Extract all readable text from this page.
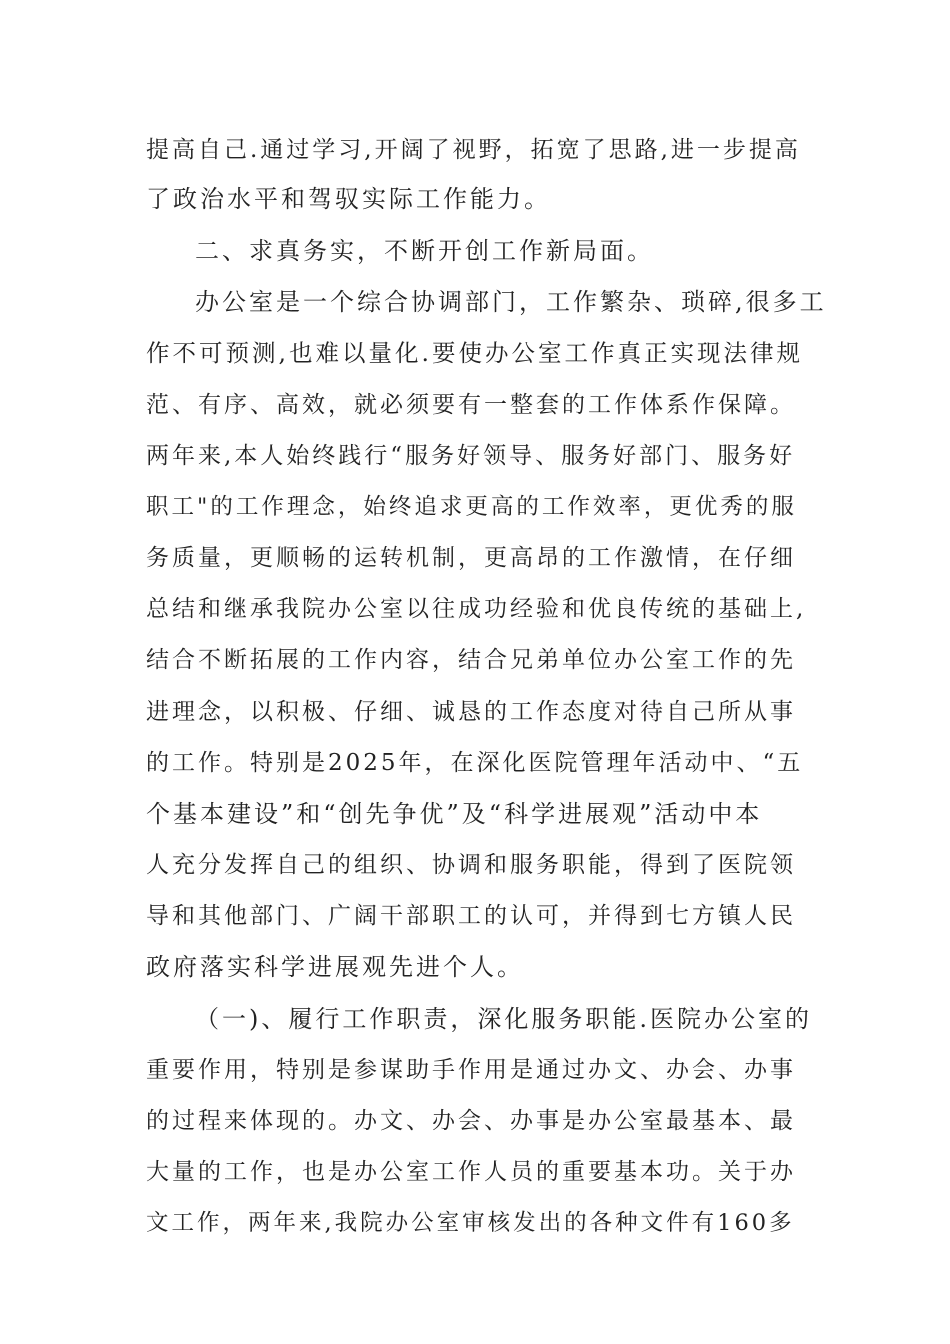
提高自己.通过学习,开阔了视野，拓宽了思路,进一步提高
了政治水平和驾驭实际工作能力。
二、求真务实，不断开创工作新局面。
办公室是一个综合协调部门，工作繁杂、琐碎,很多工
作不可预测,也难以量化.要使办公室工作真正实现法律规
范、有序、高效，就必须要有一整套的工作体系作保障。
两年来,本人始终践行“服务好领导、服务好部门、服务好
职工"的工作理念，始终追求更高的工作效率，更优秀的服
务质量，更顺畅的运转机制，更高昂的工作激情，在仔细
总结和继承我院办公室以往成功经验和优良传统的基础上,
结合不断拓展的工作内容，结合兄弟单位办公室工作的先
进理念，以积极、仔细、诚恳的工作态度对待自己所从事
的工作。特别是2025年，在深化医院管理年活动中、“五
个基本建设”和“创先争优”及“科学进展观”活动中本
人充分发挥自己的组织、协调和服务职能，得到了医院领
导和其他部门、广阔干部职工的认可，并得到七方镇人民
政府落实科学进展观先进个人。
（一)、履行工作职责，深化服务职能.医院办公室的
重要作用，特别是参谋助手作用是通过办文、办会、办事
的过程来体现的。办文、办会、办事是办公室最基本、最
大量的工作，也是办公室工作人员的重要基本功。关于办
文工作，两年来,我院办公室审核发出的各种文件有160多
